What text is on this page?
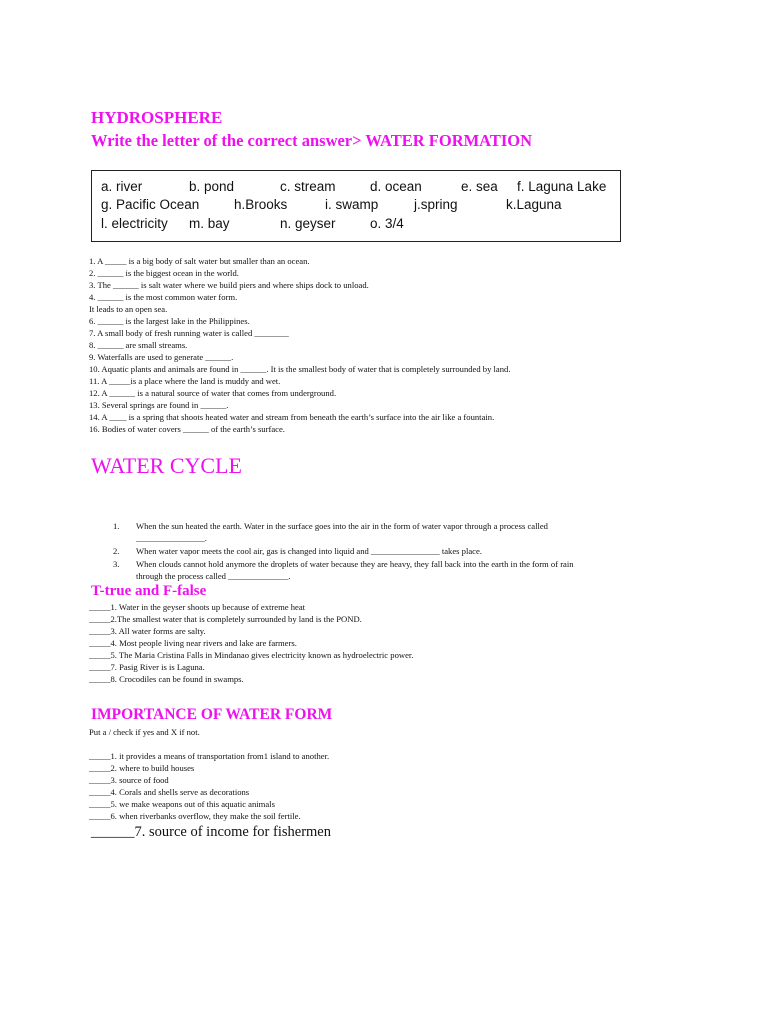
HYDROSPHERE
Write the letter of the correct answer> WATER FORMATION
a. river	b. pond	c. stream	d. ocean	e. sea f. Laguna Lake
g. Pacific Ocean	h.Brooks	i. swamp	j.spring	k.Laguna
l. electricity m. bay	n. geyser	o. 3/4
1. A _____ is a big body of salt water but smaller than an ocean.
2. ______ is the biggest ocean in the world.
3. The ______ is salt water where we build piers and where ships dock to unload.
4. ______ is the most common water form.
It leads to an open sea.
6. ______ is the largest lake in the Philippines.
7. A small body of fresh running water is called ________
8. ______ are small streams.
9. Waterfalls are used to generate ______.
10. Aquatic plants and animals are found in ______. It is the smallest body of water that is completely surrounded by land.
11. A _____is a place where the land is muddy and wet.
12. A ______ is a natural source of water that comes from underground.
13. Several springs are found in ______.
14. A ____ is a spring that shoots heated water and stream from beneath the earth’s surface into the air like a fountain.
16. Bodies of water covers ______ of the earth’s surface.
WATER CYCLE
1. When the sun heated the earth. Water in the surface goes into the air in the form of water vapor through a process called
________________.
2. When water vapor meets the cool air, gas is changed into liquid and ________________ takes place.
3. When clouds cannot hold anymore the droplets of water because they are heavy, they fall back into the earth in the form of rain
through the process called ______________.
T-true and F-false
_____1. Water in the geyser shoots up because of extreme heat
_____2.The smallest water that is completely surrounded by land is the POND.
_____3. All water forms are salty.
_____4. Most people living near rivers and lake are farmers.
_____5. The Maria Cristina Falls in Mindanao gives electricity known as hydroelectric power.
_____7. Pasig River is is Laguna.
_____8. Crocodiles can be found in swamps.
IMPORTANCE OF WATER FORM
Put a / check if yes and X if not.
_____1. it provides a means of transportation from1 island to another.
_____2. where to build houses
_____3. source of food
_____4. Corals and shells serve as decorations
_____5. we make weapons out of this aquatic animals
_____6. when riverbanks overflow, they make the soil fertile.
______7. source of income for fishermen
